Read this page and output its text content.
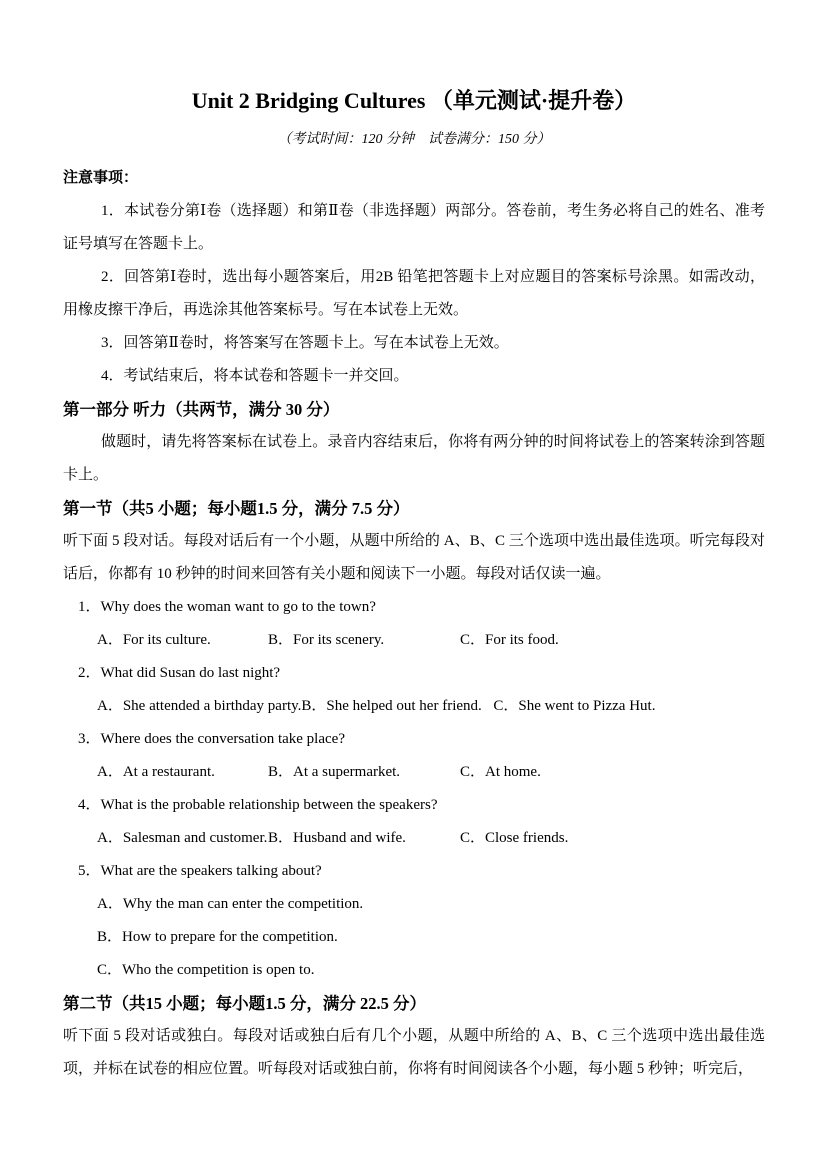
Unit 2 Bridging Cultures （单元测试·提升卷）
（考试时间：120 分钟　试卷满分：150 分）

注意事项：

1．本试卷分第Ⅰ卷（选择题）和第Ⅱ卷（非选择题）两部分。答卷前，考生务必将自己的姓名、准考证号填写在答题卡上。

2．回答第Ⅰ卷时，选出每小题答案后，用2B 铅笔把答题卡上对应题目的答案标号涂黑。如需改动，用橡皮擦干净后，再选涂其他答案标号。写在本试卷上无效。

3．回答第Ⅱ卷时，将答案写在答题卡上。写在本试卷上无效。

4．考试结束后，将本试卷和答题卡一并交回。

第一部分 听力（共两节，满分 30 分）

做题时，请先将答案标在试卷上。录音内容结束后，你将有两分钟的时间将试卷上的答案转涂到答题卡上。

第一节（共5 小题；每小题1.5 分，满分 7.5 分）

听下面 5 段对话。每段对话后有一个小题，从题中所给的 A、B、C 三个选项中选出最佳选项。听完每段对话后，你都有 10 秒钟的时间来回答有关小题和阅读下一小题。每段对话仅读一遍。

1．Why does the woman want to go to the town?

A．For its culture.	B．For its scenery.	C．For its food.

2．What did Susan do last night?

A．She attended a birthday party. B．She helped out her friend. C．She went to Pizza Hut.

3．Where does the conversation take place?

A．At a restaurant.	B．At a supermarket.	C．At home.

4．What is the probable relationship between the speakers?

A．Salesman and customer. B．Husband and wife.	C．Close friends.

5．What are the speakers talking about?

A．Why the man can enter the competition.

B．How to prepare for the competition.

C．Who the competition is open to.

第二节（共15 小题；每小题1.5 分，满分 22.5 分）

听下面 5 段对话或独白。每段对话或独白后有几个小题，从题中所给的 A、B、C 三个选项中选出最佳选项，并标在试卷的相应位置。听每段对话或独白前，你将有时间阅读各个小题，每小题 5 秒钟；听完后，
